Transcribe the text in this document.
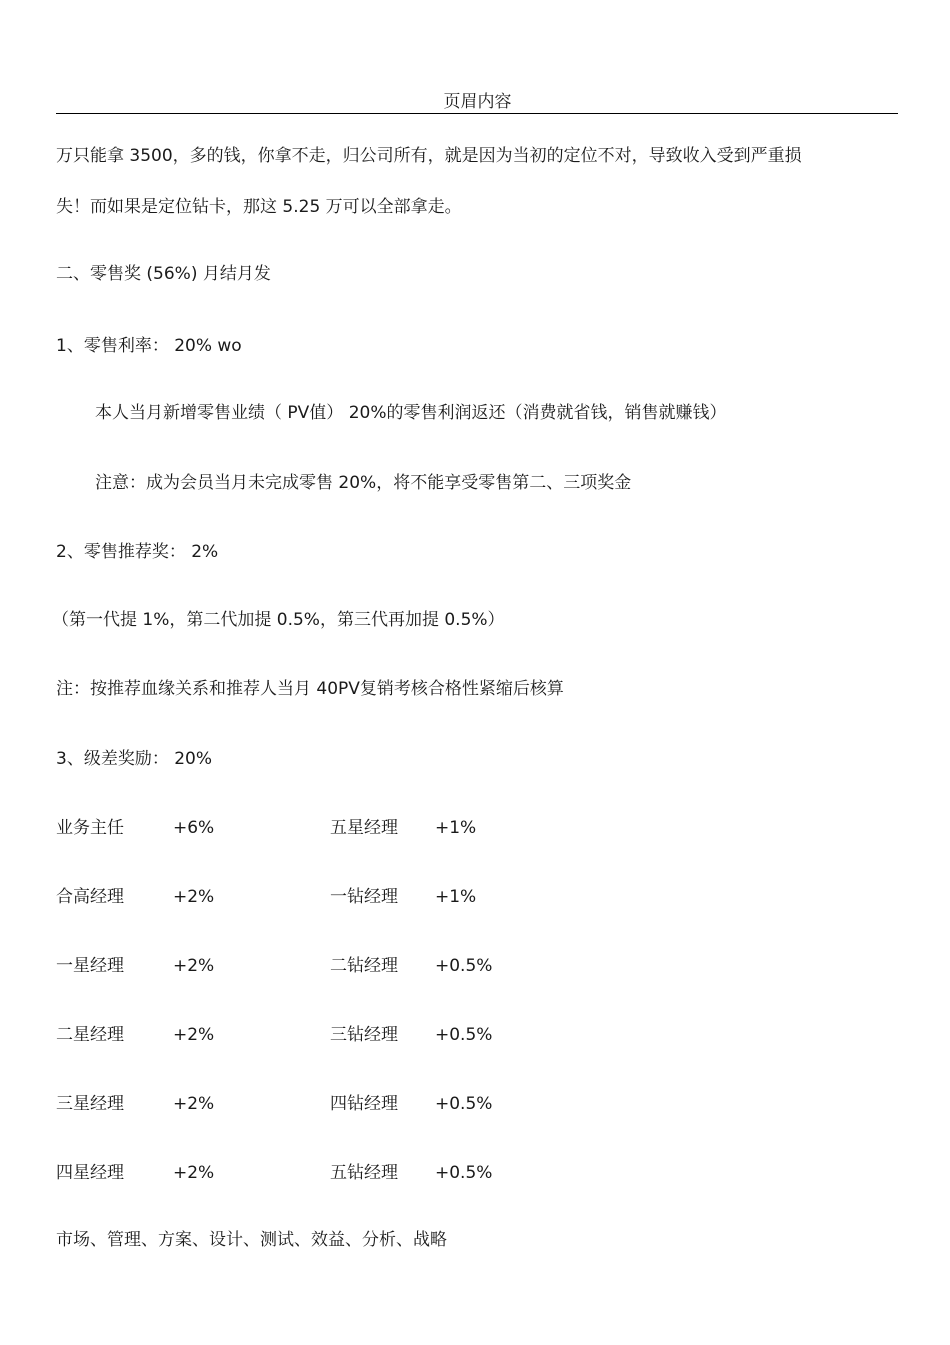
页眉内容
万只能拿 3500，多的钱，你拿不走，归公司所有，就是因为当初的定位不对，导致收入受到严重损
失！而如果是定位钻卡，那这 5.25 万可以全部拿走。
二、零售奖 (56%) 月结月发
1、零售利率： 20% wo
本人当月新增零售业绩（ PV值） 20%的零售利润返还（消费就省钱，销售就赚钱）
注意：成为会员当月未完成零售 20%，将不能享受零售第二、三项奖金
2、零售推荐奖： 2%
（第一代提 1%，第二代加提 0.5%，第三代再加提 0.5%）
注：按推荐血缘关系和推荐人当月 40PV复销考核合格性紧缩后核算
3、级差奖励： 20%
业务主任	+6%	五星经理 +1%
合高经理	+2%	一钻经理 +1%
一星经理	+2%	二钻经理 +0.5%
二星经理	+2%	三钻经理 +0.5%
三星经理	+2%	四钻经理 +0.5%
四星经理	+2%	五钻经理 +0.5%
市场、管理、方案、设计、测试、效益、分析、战略
